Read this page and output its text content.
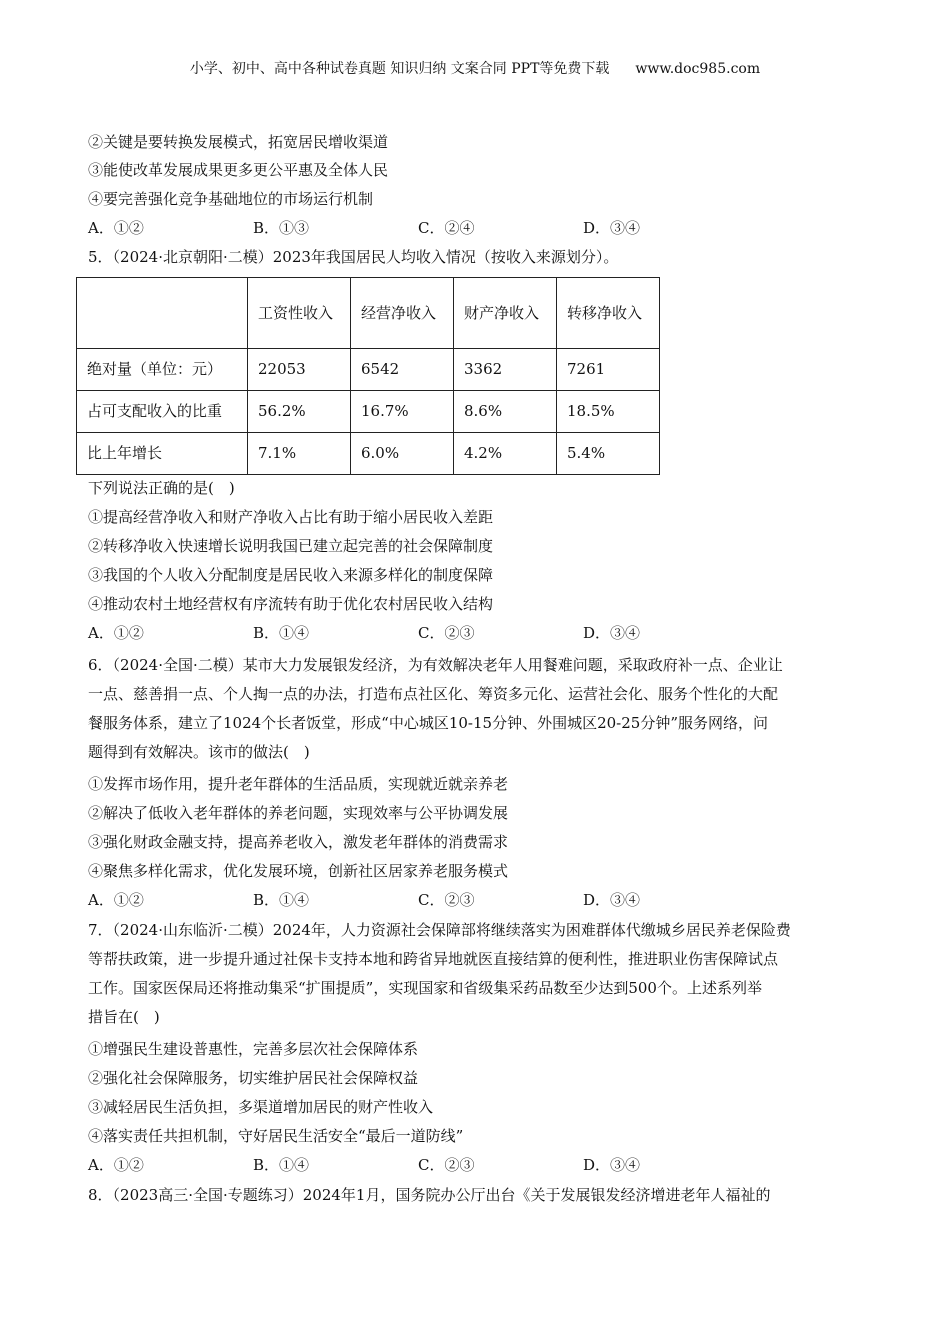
小学、初中、高中各种试卷真题 知识归纳 文案合同 PPT等免费下载 www.doc985.com
②关键是要转换发展模式，拓宽居民增收渠道
③能使改革发展成果更多更公平惠及全体人民
④要完善强化竞争基础地位的市场运行机制
A．①②	B．①③	C．②④	D．③④
5．（2024·北京朝阳·二模）2023年我国居民人均收入情况（按收入来源划分）。
	工资性收入	经营净收入	财产净收入	转移净收入
绝对量（单位：元）	22053	6542	3362	7261
占可支配收入的比重	56.2%	16.7%	8.6%	18.5%
比上年增长	7.1%	6.0%	4.2%	5.4%
下列说法正确的是(　)
①提高经营净收入和财产净收入占比有助于缩小居民收入差距
②转移净收入快速增长说明我国已建立起完善的社会保障制度
③我国的个人收入分配制度是居民收入来源多样化的制度保障
④推动农村土地经营权有序流转有助于优化农村居民收入结构
A．①②	B．①④	C．②③	D．③④
6．（2024·全国·二模）某市大力发展银发经济，为有效解决老年人用餐难问题，采取政府补一点、企业让
一点、慈善捐一点、个人掏一点的办法，打造布点社区化、筹资多元化、运营社会化、服务个性化的大配
餐服务体系，建立了1024个长者饭堂，形成“中心城区10-15分钟、外围城区20-25分钟”服务网络，问
题得到有效解决。该市的做法(　)
①发挥市场作用，提升老年群体的生活品质，实现就近就亲养老
②解决了低收入老年群体的养老问题，实现效率与公平协调发展
③强化财政金融支持，提高养老收入，激发老年群体的消费需求
④聚焦多样化需求，优化发展环境，创新社区居家养老服务模式
A．①②	B．①④	C．②③	D．③④
7．（2024·山东临沂·二模）2024年，人力资源社会保障部将继续落实为困难群体代缴城乡居民养老保险费
等帮扶政策，进一步提升通过社保卡支持本地和跨省异地就医直接结算的便利性，推进职业伤害保障试点
工作。国家医保局还将推动集采“扩围提质”，实现国家和省级集采药品数至少达到500个。上述系列举
措旨在(　)
①增强民生建设普惠性，完善多层次社会保障体系
②强化社会保障服务，切实维护居民社会保障权益
③减轻居民生活负担，多渠道增加居民的财产性收入
④落实责任共担机制，守好居民生活安全“最后一道防线”
A．①②	B．①④	C．②③	D．③④
8．（2023高三·全国·专题练习）2024年1月，国务院办公厅出台《关于发展银发经济增进老年人福祉的
